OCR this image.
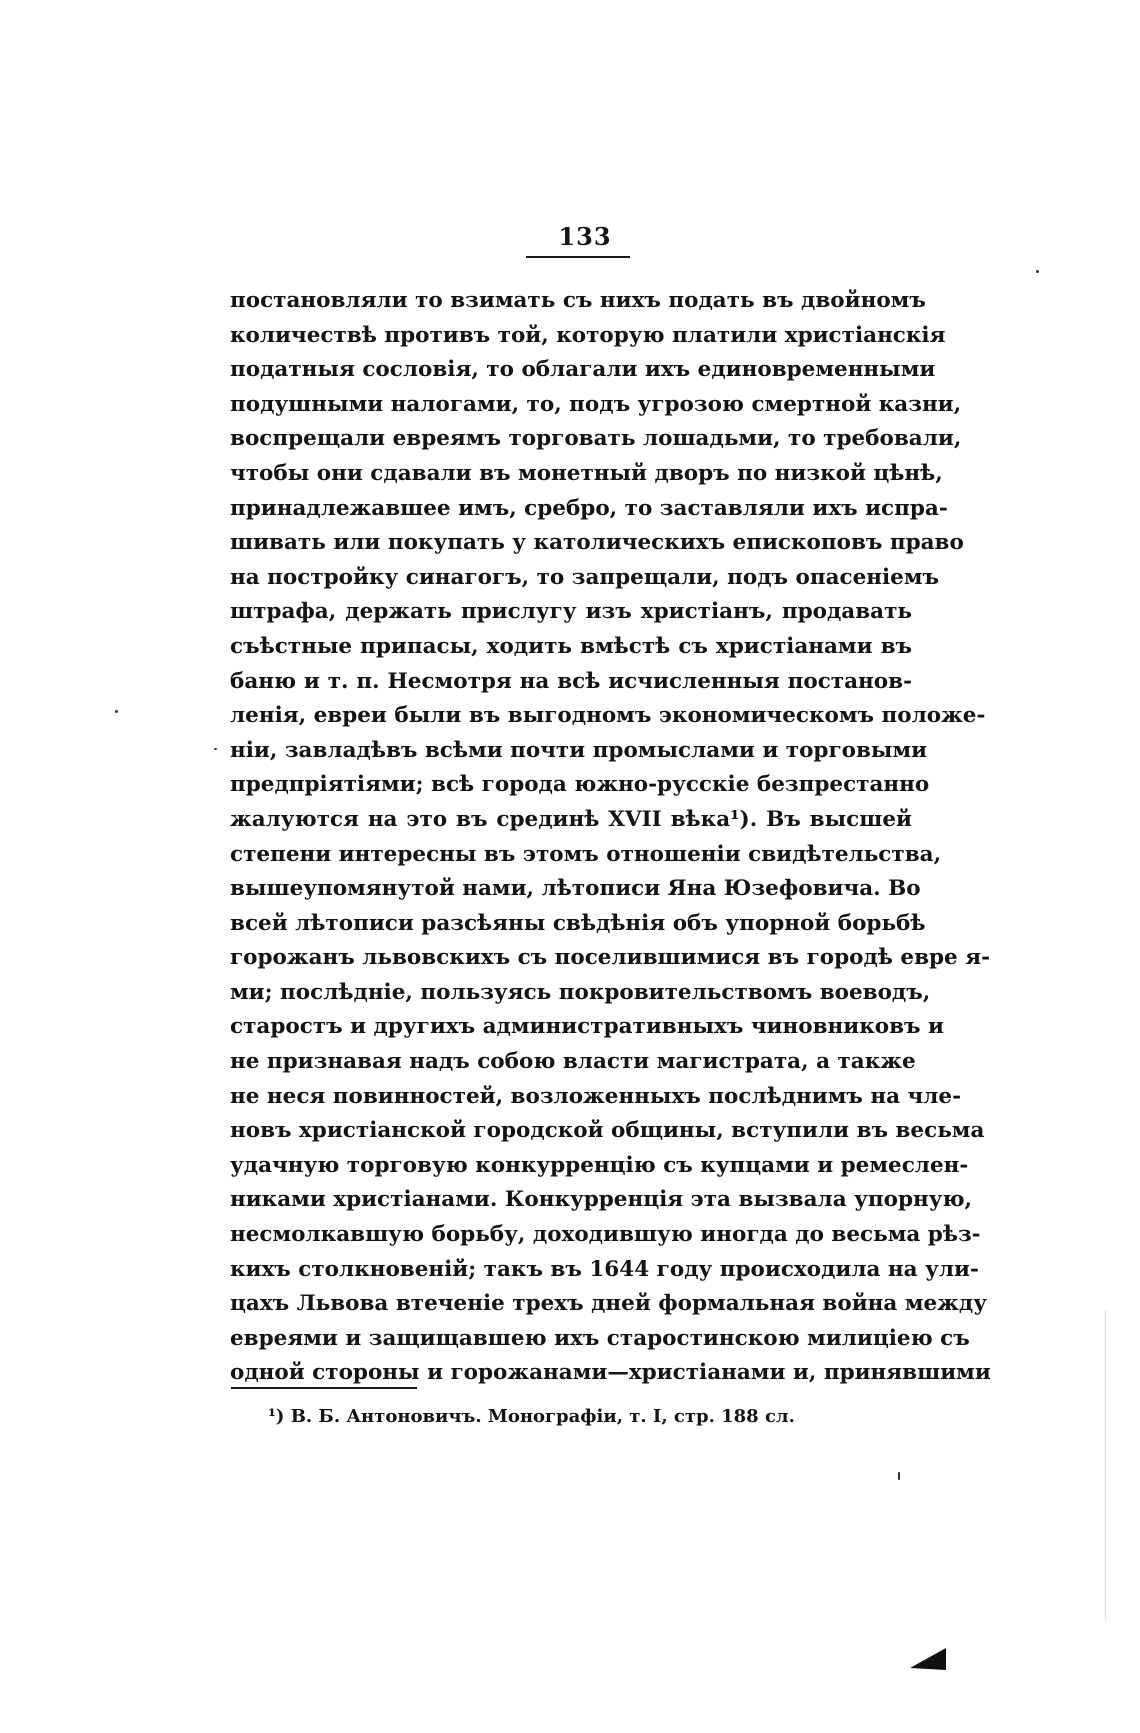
133
постановляли то взимать съ нихъ подать въ двойномъ
количествѣ противъ той, которую платили христіанскія
податныя сословія, то облагали ихъ единовременными
подушными налогами, то, подъ угрозою смертной казни,
воспрещали евреямъ торговать лошадьми, то требовали,
чтобы они сдавали въ монетный дворъ по низкой цѣнѣ,
принадлежавшее имъ, сребро, то заставляли ихъ испра-
шивать или покупать у католическихъ епископовъ право
на постройку синагогъ, то запрещали, подъ опасеніемъ
штрафа, держать прислугу изъ христіанъ, продавать
съѣстные припасы, ходить вмѣстѣ съ христіанами въ
баню и т. п. Несмотря на всѣ исчисленныя постанов-
ленія, евреи были въ выгодномъ экономическомъ положе-
ніи, завладѣвъ всѣми почти промыслами и торговыми
предпріятіями; всѣ города южно-русскіе безпрестанно
жалуются на это въ срединѣ XVII вѣка¹). Въ высшей
степени интересны въ этомъ отношеніи свидѣтельства,
вышеупомянутой нами, лѣтописи Яна Юзефовича. Во
всей лѣтописи разсѣяны свѣдѣнія объ упорной борьбѣ
горожанъ львовскихъ съ поселившимися въ городѣ евре я-
ми; послѣдніе, пользуясь покровительствомъ воеводъ,
старостъ и другихъ административныхъ чиновниковъ и
не признавая надъ собою власти магистрата, а также
не неся повинностей, возложенныхъ послѣднимъ на чле-
новъ христіанской городской общины, вступили въ весьма
удачную торговую конкурренцію съ купцами и ремеслен-
никами христіанами. Конкурренція эта вызвала упорную,
несмолкавшую борьбу, доходившую иногда до весьма рѣз-
кихъ столкновеній; такъ въ 1644 году происходила на ули-
цахъ Львова втеченіе трехъ дней формальная война между
евреями и защищавшею ихъ старостинскою милиціею съ
одной стороны и горожанами—христіанами и, принявшими
¹) В. Б. Антоновичъ. Монографіи, т. I, стр. 188 сл.
